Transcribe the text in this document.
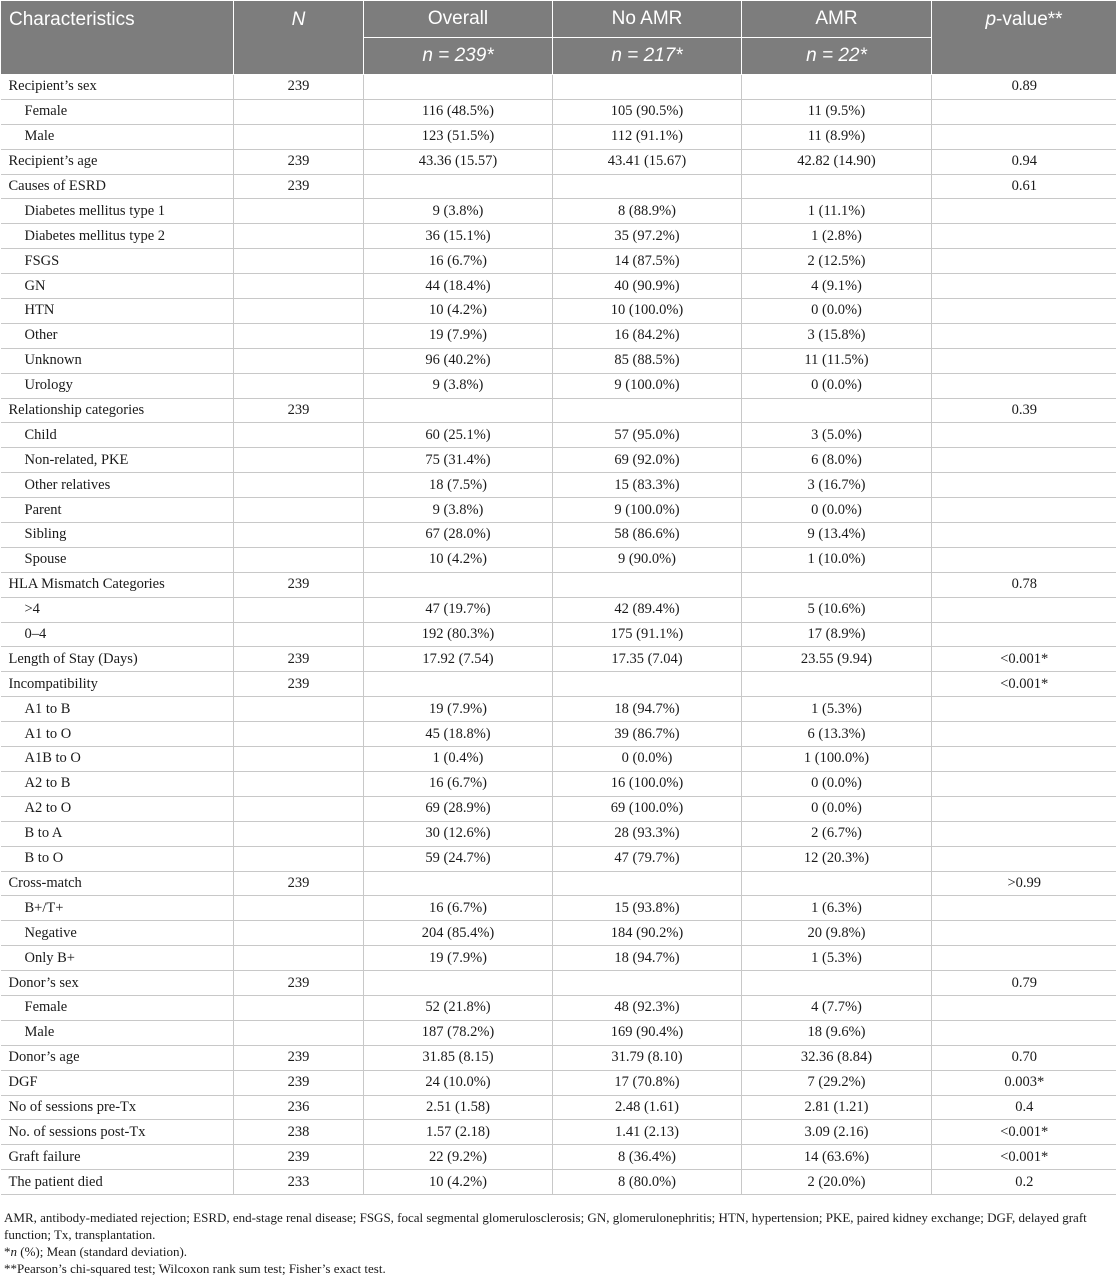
Characteristics	N	Overall	No AMR	AMR	p-value**
		n = 239*	n = 217*	n = 22*	
Recipient’s sex	239				0.89
Female		116 (48.5%)	105 (90.5%)	11 (9.5%)	
Male		123 (51.5%)	112 (91.1%)	11 (8.9%)	
Recipient’s age	239	43.36 (15.57)	43.41 (15.67)	42.82 (14.90)	0.94
Causes of ESRD	239				0.61
Diabetes mellitus type 1		9 (3.8%)	8 (88.9%)	1 (11.1%)	
Diabetes mellitus type 2		36 (15.1%)	35 (97.2%)	1 (2.8%)	
FSGS		16 (6.7%)	14 (87.5%)	2 (12.5%)	
GN		44 (18.4%)	40 (90.9%)	4 (9.1%)	
HTN		10 (4.2%)	10 (100.0%)	0 (0.0%)	
Other		19 (7.9%)	16 (84.2%)	3 (15.8%)	
Unknown		96 (40.2%)	85 (88.5%)	11 (11.5%)	
Urology		9 (3.8%)	9 (100.0%)	0 (0.0%)	
Relationship categories	239				0.39
Child		60 (25.1%)	57 (95.0%)	3 (5.0%)	
Non-related, PKE		75 (31.4%)	69 (92.0%)	6 (8.0%)	
Other relatives		18 (7.5%)	15 (83.3%)	3 (16.7%)	
Parent		9 (3.8%)	9 (100.0%)	0 (0.0%)	
Sibling		67 (28.0%)	58 (86.6%)	9 (13.4%)	
Spouse		10 (4.2%)	9 (90.0%)	1 (10.0%)	
HLA Mismatch Categories	239				0.78
>4		47 (19.7%)	42 (89.4%)	5 (10.6%)	
0–4		192 (80.3%)	175 (91.1%)	17 (8.9%)	
Length of Stay (Days)	239	17.92 (7.54)	17.35 (7.04)	23.55 (9.94)	<0.001*
Incompatibility	239				<0.001*
A1 to B		19 (7.9%)	18 (94.7%)	1 (5.3%)	
A1 to O		45 (18.8%)	39 (86.7%)	6 (13.3%)	
A1B to O		1 (0.4%)	0 (0.0%)	1 (100.0%)	
A2 to B		16 (6.7%)	16 (100.0%)	0 (0.0%)	
A2 to O		69 (28.9%)	69 (100.0%)	0 (0.0%)	
B to A		30 (12.6%)	28 (93.3%)	2 (6.7%)	
B to O		59 (24.7%)	47 (79.7%)	12 (20.3%)	
Cross-match	239				>0.99
B+/T+		16 (6.7%)	15 (93.8%)	1 (6.3%)	
Negative		204 (85.4%)	184 (90.2%)	20 (9.8%)	
Only B+		19 (7.9%)	18 (94.7%)	1 (5.3%)	
Donor’s sex	239				0.79
Female		52 (21.8%)	48 (92.3%)	4 (7.7%)	
Male		187 (78.2%)	169 (90.4%)	18 (9.6%)	
Donor’s age	239	31.85 (8.15)	31.79 (8.10)	32.36 (8.84)	0.70
DGF	239	24 (10.0%)	17 (70.8%)	7 (29.2%)	0.003*
No of sessions pre-Tx	236	2.51 (1.58)	2.48 (1.61)	2.81 (1.21)	0.4
No. of sessions post-Tx	238	1.57 (2.18)	1.41 (2.13)	3.09 (2.16)	<0.001*
Graft failure	239	22 (9.2%)	8 (36.4%)	14 (63.6%)	<0.001*
The patient died	233	10 (4.2%)	8 (80.0%)	2 (20.0%)	0.2

AMR, antibody-mediated rejection; ESRD, end-stage renal disease; FSGS, focal segmental glomerulosclerosis; GN, glomerulonephritis; HTN, hypertension; PKE, paired kidney exchange; DGF, delayed graft function; Tx, transplantation.

*n (%); Mean (standard deviation).

**Pearson’s chi-squared test; Wilcoxon rank sum test; Fisher’s exact test.
